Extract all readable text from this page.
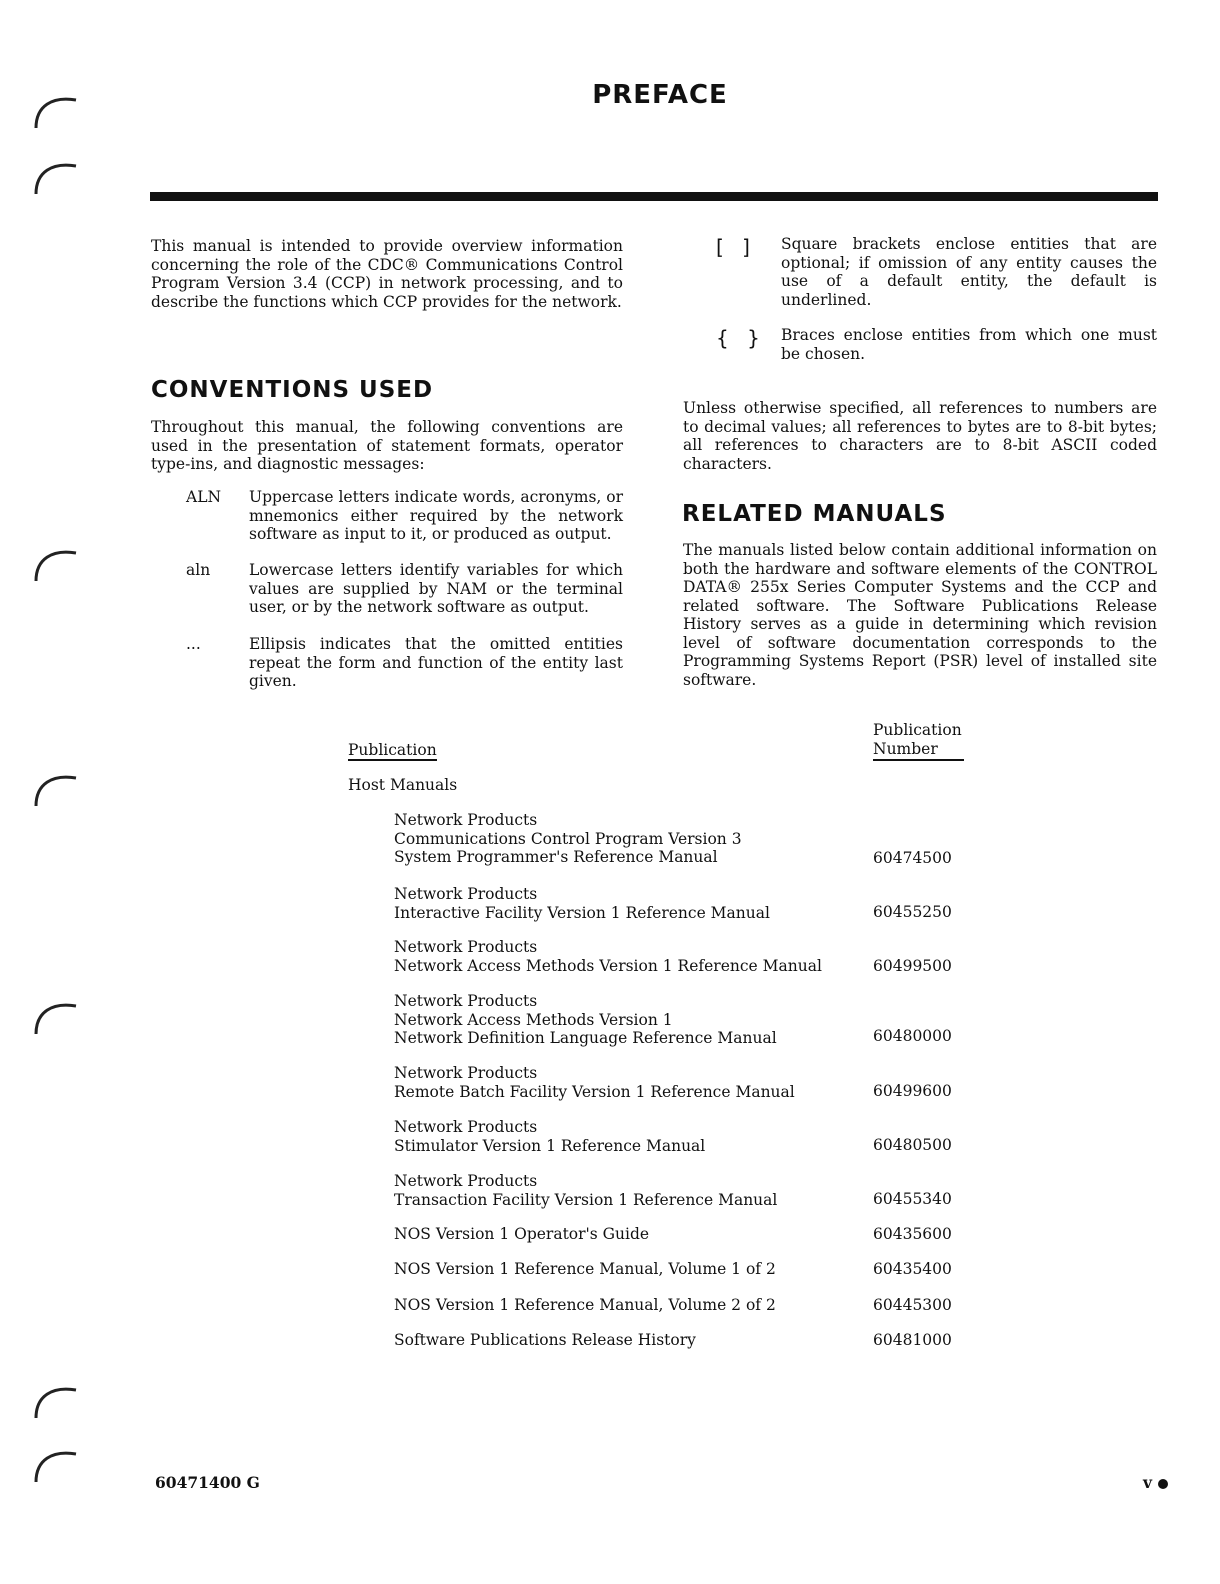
PREFACE
This manual is intended to provide overview information concerning the role of the CDC® Communications Control Program Version 3.4 (CCP) in network processing, and to describe the functions which CCP provides for the network.
CONVENTIONS USED
Throughout this manual, the following conventions are used in the presentation of statement formats, operator type-ins, and diagnostic messages:
ALN Uppercase letters indicate words, acronyms, or mnemonics either required by the network software as input to it, or produced as output.
aln	Lowercase letters identify variables for which values are supplied by NAM or the terminal user, or by the network software as output.
...	Ellipsis indicates that the omitted entities repeat the form and function of the entity last given.
[ ] Square brackets enclose entities that are optional; if omission of any entity causes the use of a default entity, the default is underlined.
{ } Braces enclose entities from which one must be chosen.
Unless otherwise specified, all references to numbers are to decimal values; all references to bytes are to 8-bit bytes; all references to characters are to 8-bit ASCII coded characters.
RELATED MANUALS
The manuals listed below contain additional information on both the hardware and software elements of the CONTROL DATA® 255x Series Computer Systems and the CCP and related software. The Software Publications Release History serves as a guide in determining which revision level of software documentation corresponds to the Programming Systems Report (PSR) level of installed site software.
Publication
Publication
Number
Host Manuals
Network Products
Communications Control Program Version 3
System Programmer's Reference Manual	60474500
Network Products
Interactive Facility Version 1 Reference Manual	60455250
Network Products
Network Access Methods Version 1 Reference Manual	60499500
Network Products
Network Access Methods Version 1
Network Definition Language Reference Manual	60480000
Network Products
Remote Batch Facility Version 1 Reference Manual	60499600
Network Products
Stimulator Version 1 Reference Manual	60480500
Network Products
Transaction Facility Version 1 Reference Manual	60455340
NOS Version 1 Operator's Guide	60435600
NOS Version 1 Reference Manual, Volume 1 of 2	60435400
NOS Version 1 Reference Manual, Volume 2 of 2	60445300
Software Publications Release History	60481000
60471400 G	v
